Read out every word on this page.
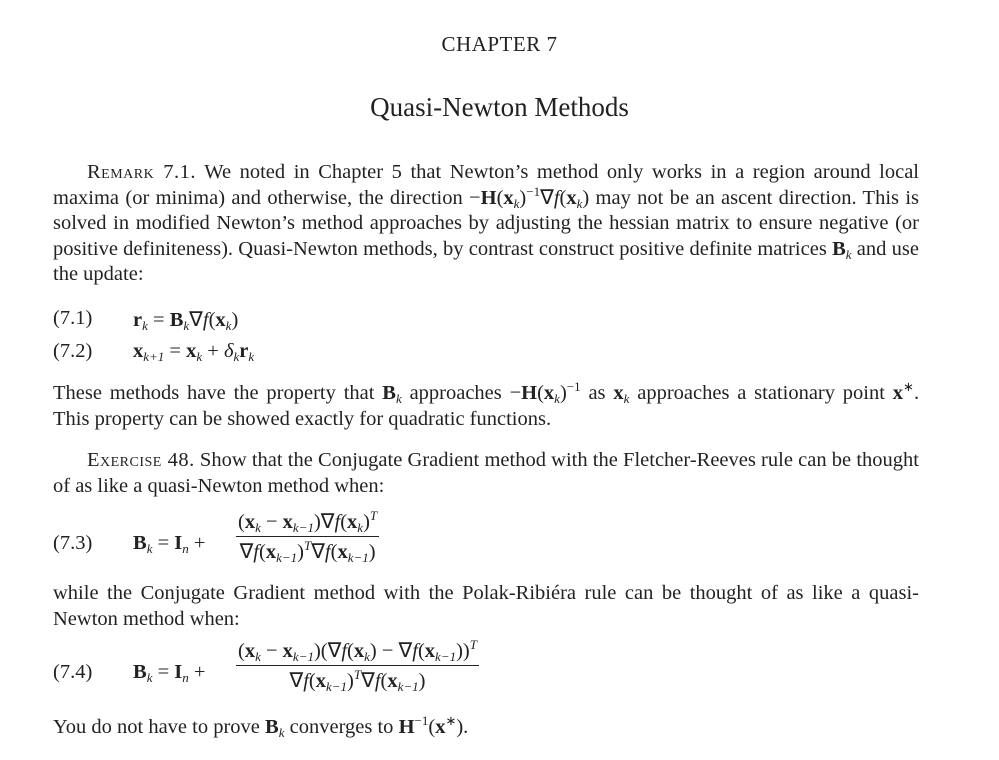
CHAPTER 7
Quasi-Newton Methods
Remark 7.1. We noted in Chapter 5 that Newton’s method only works in a region around local maxima (or minima) and otherwise, the direction $-H(x_k)^{-1}\nabla f(x_k)$ may not be an ascent direction. This is solved in modified Newton’s method approaches by adjusting the hessian matrix to ensure negative (or positive definiteness). Quasi-Newton methods, by contrast construct positive definite matrices $B_k$ and use the update:
(7.1) $r_k = B_k\nabla f(x_k)$
(7.2) $x_{k+1} = x_k + \delta_kr_k$
These methods have the property that $B_k$ approaches $-H(x_k)^{-1}$ as $x_k$ approaches a stationary point x∗. This property can be showed exactly for quadratic functions.
Exercise 48. Show that the Conjugate Gradient method with the Fletcher-Reeves rule can be thought of as like a quasi-Newton method when:
(7.3) $B_k = I_n + \frac{(x_k - x_{k-1})\nabla f(x_k)^T}{\nabla f(x_{k-1})^T\nabla f(x_{k-1})}$
while the Conjugate Gradient method with the Polak-Ribiéra rule can be thought of as like a quasi-Newton method when:
(7.4) $B_k = I_n + \frac{(x_k - x_{k-1})(\nabla f(x_k) - \nabla f(x_{k-1}))^T}{\nabla f(x_{k-1})^T\nabla f(x_{k-1})}$
You do not have to prove $B_k$ converges to $H^{-1}(x^∗)$.
